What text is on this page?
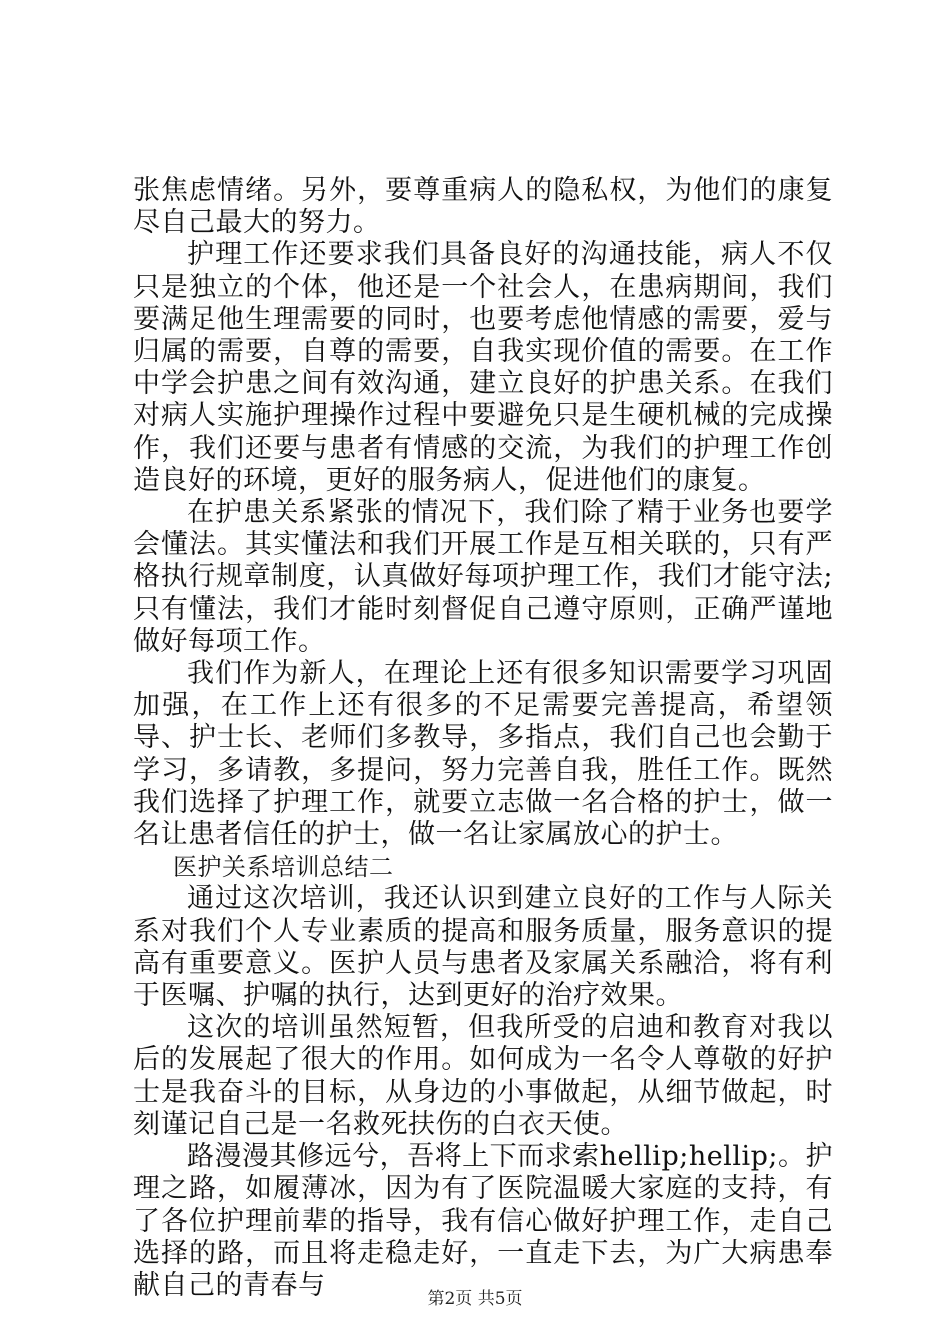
张焦虑情绪。另外，要尊重病人的隐私权，为他们的康复尽自己最大的努力。

护理工作还要求我们具备良好的沟通技能，病人不仅只是独立的个体，他还是一个社会人，在患病期间，我们要满足他生理需要的同时，也要考虑他情感的需要，爱与归属的需要，自尊的需要，自我实现价值的需要。在工作中学会护患之间有效沟通，建立良好的护患关系。在我们对病人实施护理操作过程中要避免只是生硬机械的完成操作，我们还要与患者有情感的交流，为我们的护理工作创造良好的环境，更好的服务病人，促进他们的康复。

在护患关系紧张的情况下，我们除了精于业务也要学会懂法。其实懂法和我们开展工作是互相关联的，只有严格执行规章制度，认真做好每项护理工作，我们才能守法;只有懂法，我们才能时刻督促自己遵守原则，正确严谨地做好每项工作。

我们作为新人，在理论上还有很多知识需要学习巩固加强，在工作上还有很多的不足需要完善提高，希望领导、护士长、老师们多教导，多指点，我们自己也会勤于学习，多请教，多提问，努力完善自我，胜任工作。既然我们选择了护理工作，就要立志做一名合格的护士，做一名让患者信任的护士，做一名让家属放心的护士。

医护关系培训总结二

通过这次培训，我还认识到建立良好的工作与人际关系对我们个人专业素质的提高和服务质量，服务意识的提高有重要意义。医护人员与患者及家属关系融洽，将有利于医嘱、护嘱的执行，达到更好的治疗效果。

这次的培训虽然短暂，但我所受的启迪和教育对我以后的发展起了很大的作用。如何成为一名令人尊敬的好护士是我奋斗的目标，从身边的小事做起，从细节做起，时刻谨记自己是一名救死扶伤的白衣天使。

路漫漫其修远兮，吾将上下而求索hellip;hellip;。护理之路，如履薄冰，因为有了医院温暖大家庭的支持，有了各位护理前辈的指导，我有信心做好护理工作，走自己选择的路，而且将走稳走好，一直走下去，为广大病患奉献自己的青春与	第2页 共5页
